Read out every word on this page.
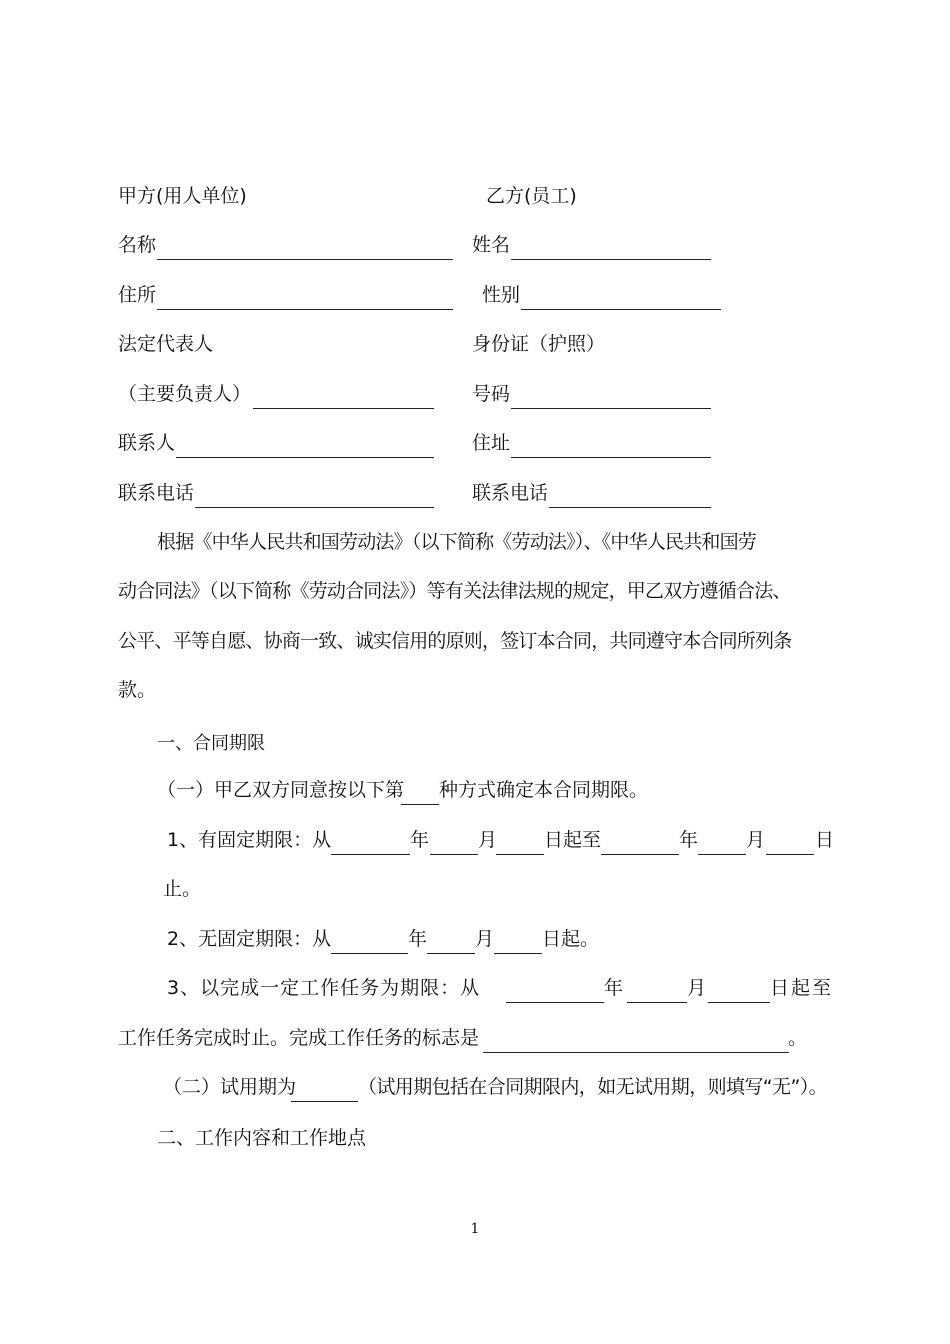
甲方(用人单位)	乙方(员工)
名称	姓名
住所	性别
法定代表人	身份证（护照）
（主要负责人）	号码
联系人	住址
联系电话	联系电话
根据《中华人民共和国劳动法》（以下简称《劳动法》）、《中华人民共和国劳
动合同法》（以下简称《劳动合同法》）等有关法律法规的规定，甲乙双方遵循合法、
公平、平等自愿、协商一致、诚实信用的原则，签订本合同，共同遵守本合同所列条
款。
一、合同期限
（一）甲乙双方同意按以下第 种方式确定本合同期限。
1、有固定期限：从	年	月 日起至	年	月	日
止。
2、无固定期限：从	年	月	日起。
3、以完成一定工作任务为期限：从	年	月	日起至
工作任务完成时止。完成工作任务的标志是	。
（二）试用期为	（试用期包括在合同期限内，如无试用期，则填写“无”）。
二、工作内容和工作地点
1
